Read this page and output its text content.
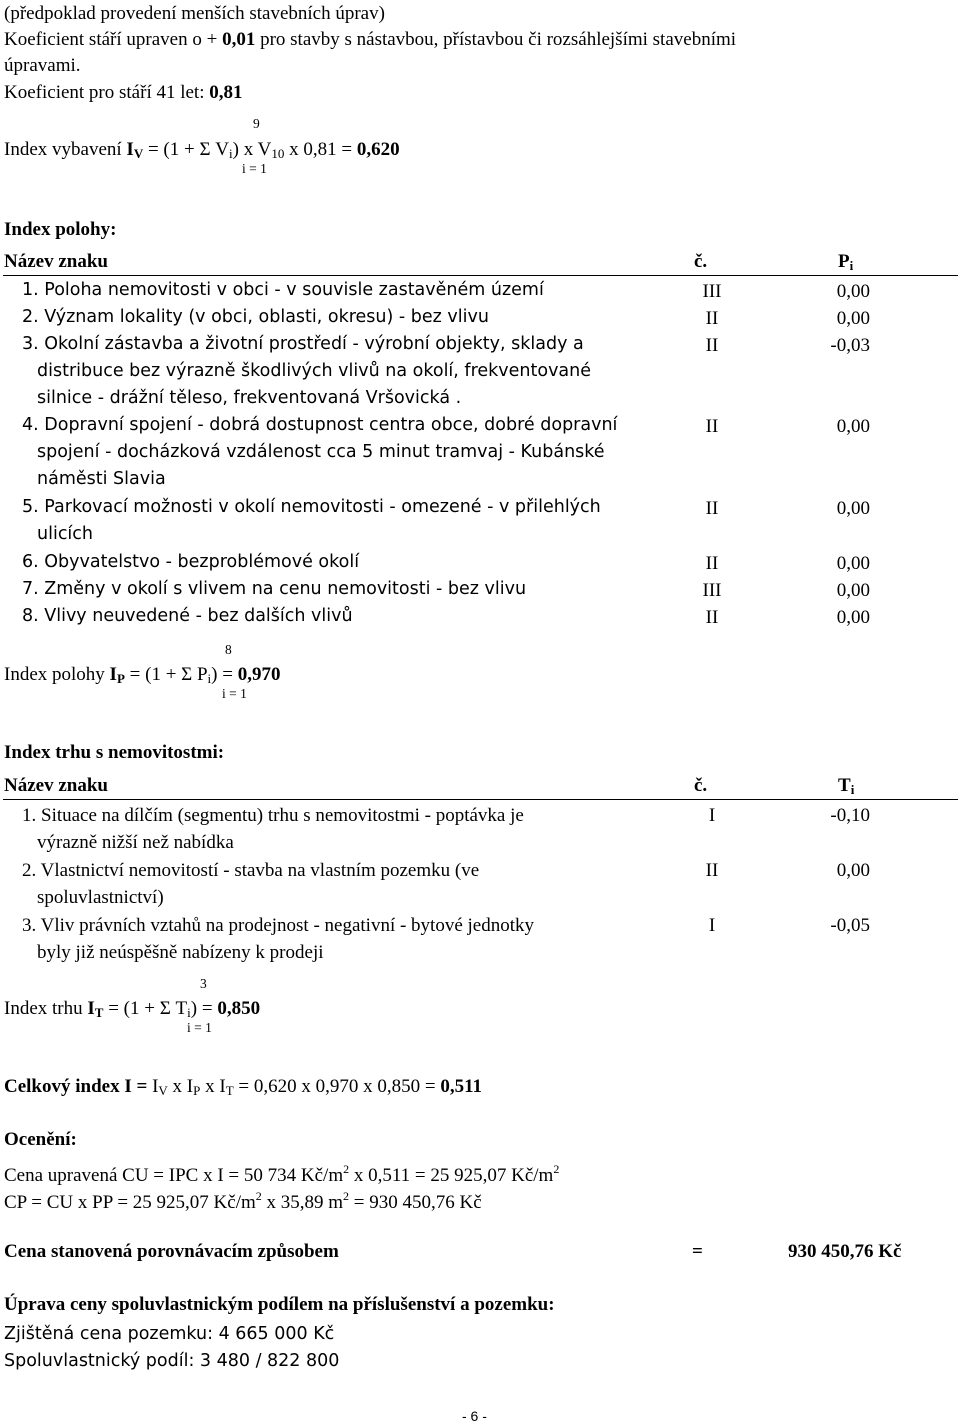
(předpoklad provedení menších stavebních úprav)
Koeficient stáří upraven o + 0,01 pro stavby s nástavbou, přístavbou či rozsáhlejšími stavebními
úpravami.
Koeficient pro stáří 41 let: 0,81
9
Index vybavení $I_V = (1 + \Sigma$ $V_i$) x $V_{10}$ x 0,81 = 0,620
i = 1
Index polohy:
Název znaku	č.	$P_i$
1. Poloha nemovitosti v obci - v souvisle zastavěném území	III	0,00
2. Význam lokality (v obci, oblasti, okresu) - bez vlivu	II	0,00
3. Okolní zástavba a životní prostředí - výrobní objekty, sklady a
distribuce bez výrazně škodlivých vlivů na okolí, frekventované
silnice - drážní těleso, frekventovaná Vršovická .
II	-0,03
4. Dopravní spojení - dobrá dostupnost centra obce, dobré dopravní
spojení - docházková vzdálenost cca 5 minut tramvaj - Kubánské
náměsti Slavia
II	0,00
5. Parkovací možnosti v okolí nemovitosti - omezené - v přilehlých
ulicích
II	0,00
6. Obyvatelstvo - bezproblémové okolí	II	0,00
7. Změny v okolí s vlivem na cenu nemovitosti - bez vlivu	III	0,00
8. Vlivy neuvedené - bez dalších vlivů	II	0,00
8
Index polohy $I_P = (1 + \Sigma$ $P_i) = 0,970$
i = 1
Index trhu s nemovitostmi:
Název znaku	č.	$T_i$
1. Situace na dílčím (segmentu) trhu s nemovitostmi - poptávka je
výrazně nižší než nabídka
I	-0,10
2. Vlastnictví nemovitostí - stavba na vlastním pozemku (ve
spoluvlastnictví)
II	0,00
3. Vliv právních vztahů na prodejnost - negativní - bytové jednotky
byly již neúspěšně nabízeny k prodeji
I	-0,05
3
Index trhu $I_T = (1 + \Sigma$ $T_i) = 0,850$
i = 1
Celkový index $I = I_V$ x $I_P$ x $I_T = 0,620$ x 0,970 x 0,850 = 0,511
Ocenění:
Cena upravená CU = IPC x I = 50 734 $Kč/m^2$ x 0,511 = 25 925,07 $Kč/m^2$
CP = CU x PP = 25 925,07 $Kč/m^2$ x 35,89 $m^2 = 930$ 450,76 Kč
Cena stanovená porovnávacím způsobem	=	930 450,76 Kč
Úprava ceny spoluvlastnickým podílem na příslušenství a pozemku:
Zjištěná cena pozemku: 4 665 000 Kč
Spoluvlastnický podíl: 3 480 / 822 800
- 6 -
